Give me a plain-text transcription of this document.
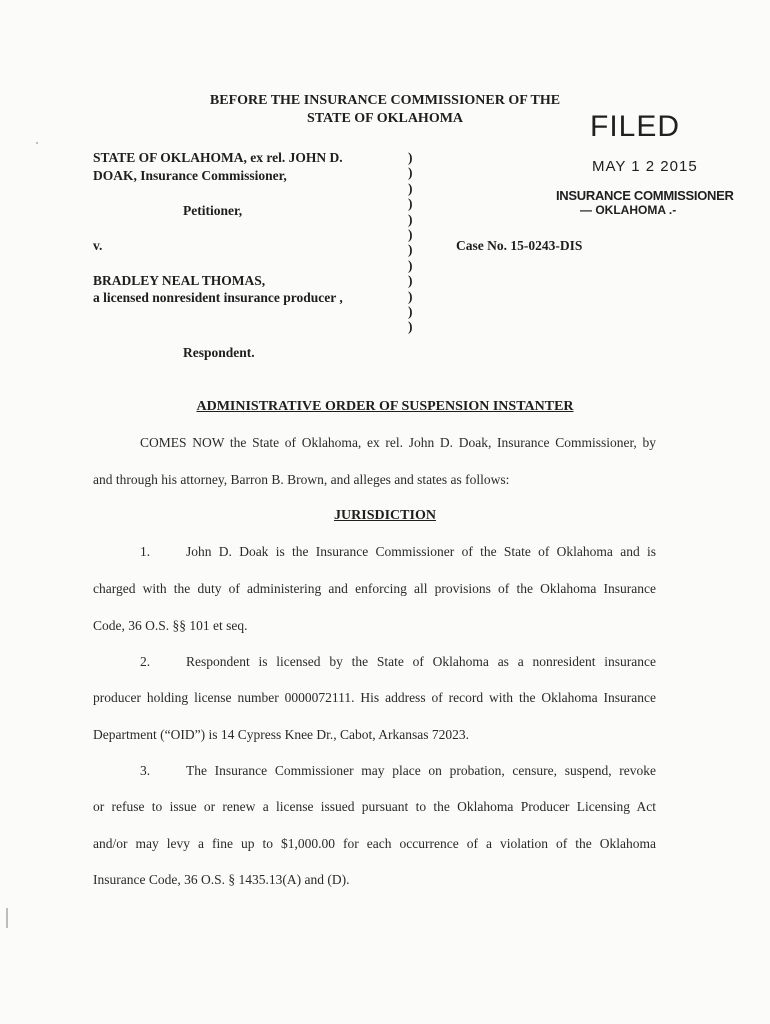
BEFORE THE INSURANCE COMMISSIONER OF THE
STATE OF OKLAHOMA	FILED
MAY 1 2 2015
INSURANCE COMMISSIONER
— OKLAHOMA .-
STATE OF OKLAHOMA, ex rel. JOHN D.
DOAK, Insurance Commissioner,
Petitioner,
v.
BRADLEY NEAL THOMAS,
a licensed nonresident insurance producer ,
Respondent.
)
)
)
)
)
)
)
)
)
)
)
)
Case No. 15-0243-DIS
ADMINISTRATIVE ORDER OF SUSPENSION INSTANTER
COMES NOW the State of Oklahoma, ex rel. John D. Doak, Insurance Commissioner, by
and through his attorney, Barron B. Brown, and alleges and states as follows:
JURISDICTION
1.	John D. Doak is the Insurance Commissioner of the State of Oklahoma and is
charged with the duty of administering and enforcing all provisions of the Oklahoma Insurance
Code, 36 O.S. §§ 101 et seq.
2.	Respondent is licensed by the State of Oklahoma as a nonresident insurance
producer holding license number 0000072111. His address of record with the Oklahoma Insurance
Department (“OID”) is 14 Cypress Knee Dr., Cabot, Arkansas 72023.
3.	The Insurance Commissioner may place on probation, censure, suspend, revoke
or refuse to issue or renew a license issued pursuant to the Oklahoma Producer Licensing Act
and/or may levy a fine up to $1,000.00 for each occurrence of a violation of the Oklahoma
Insurance Code, 36 O.S. § 1435.13(A) and (D).
